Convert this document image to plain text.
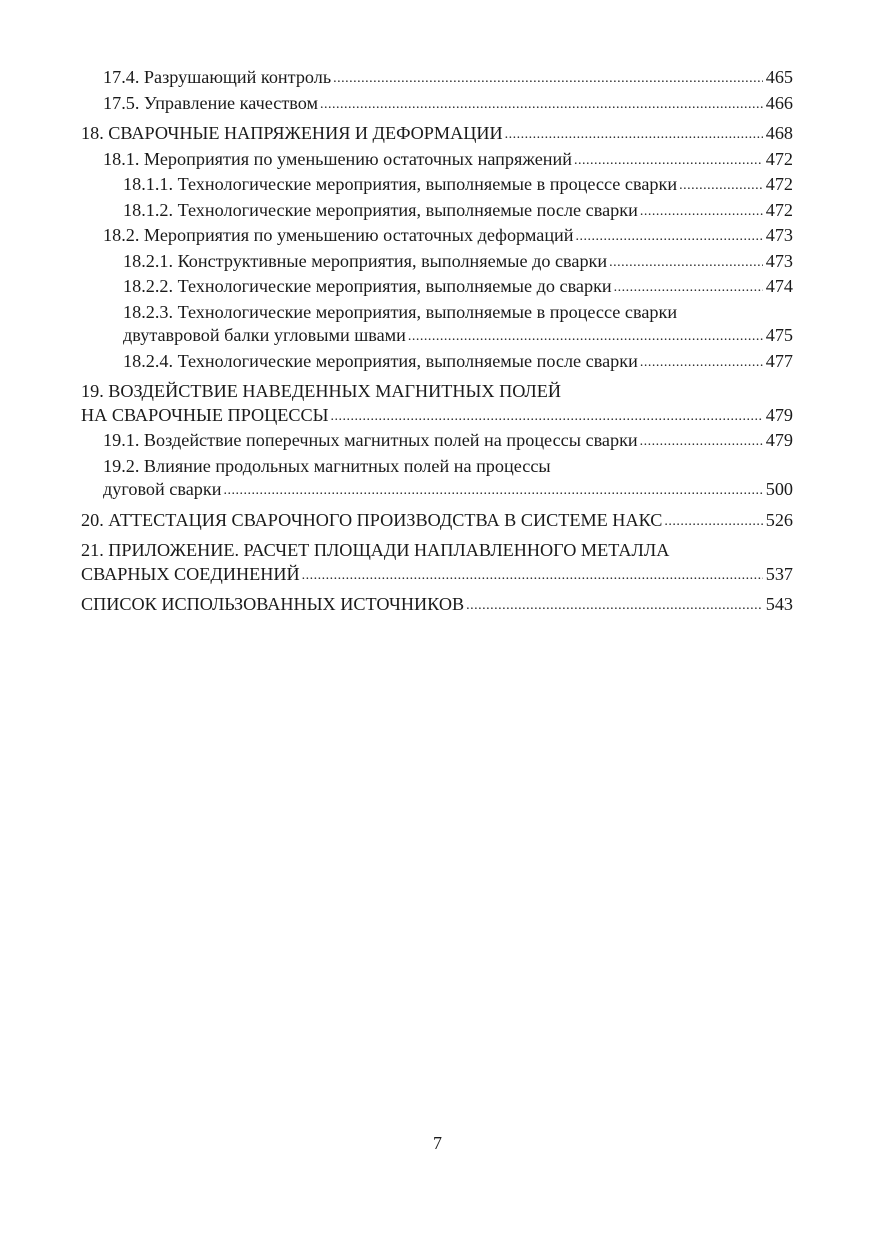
17.4. Разрушающий контроль .....	465
17.5. Управление качеством .....	466
18. СВАРОЧНЫЕ НАПРЯЖЕНИЯ И ДЕФОРМАЦИИ .....	468
18.1. Мероприятия по уменьшению остаточных напряжений .....	472
18.1.1. Технологические мероприятия, выполняемые в процессе сварки .....	472
18.1.2. Технологические мероприятия, выполняемые после сварки .....	472
18.2. Мероприятия по уменьшению остаточных деформаций .....	473
18.2.1. Конструктивные мероприятия, выполняемые до сварки .....	473
18.2.2. Технологические мероприятия, выполняемые до сварки .....	474
18.2.3. Технологические мероприятия, выполняемые в процессе сварки
двутавровой балки угловыми швами .....	475
18.2.4. Технологические мероприятия, выполняемые после сварки .....	477
19. ВОЗДЕЙСТВИЕ НАВЕДЕННЫХ МАГНИТНЫХ ПОЛЕЙ
НА СВАРОЧНЫЕ ПРОЦЕССЫ .....	479
19.1. Воздействие поперечных магнитных полей на процессы сварки .....	479
19.2. Влияние продольных магнитных полей на процессы
дуговой сварки .....	500
20. АТТЕСТАЦИЯ СВАРОЧНОГО ПРОИЗВОДСТВА В СИСТЕМЕ НАКС .....	526
21. ПРИЛОЖЕНИЕ. РАСЧЕТ ПЛОЩАДИ НАПЛАВЛЕННОГО МЕТАЛЛА
СВАРНЫХ СОЕДИНЕНИЙ .....	537
СПИСОК ИСПОЛЬЗОВАННЫХ ИСТОЧНИКОВ .....	543
7
